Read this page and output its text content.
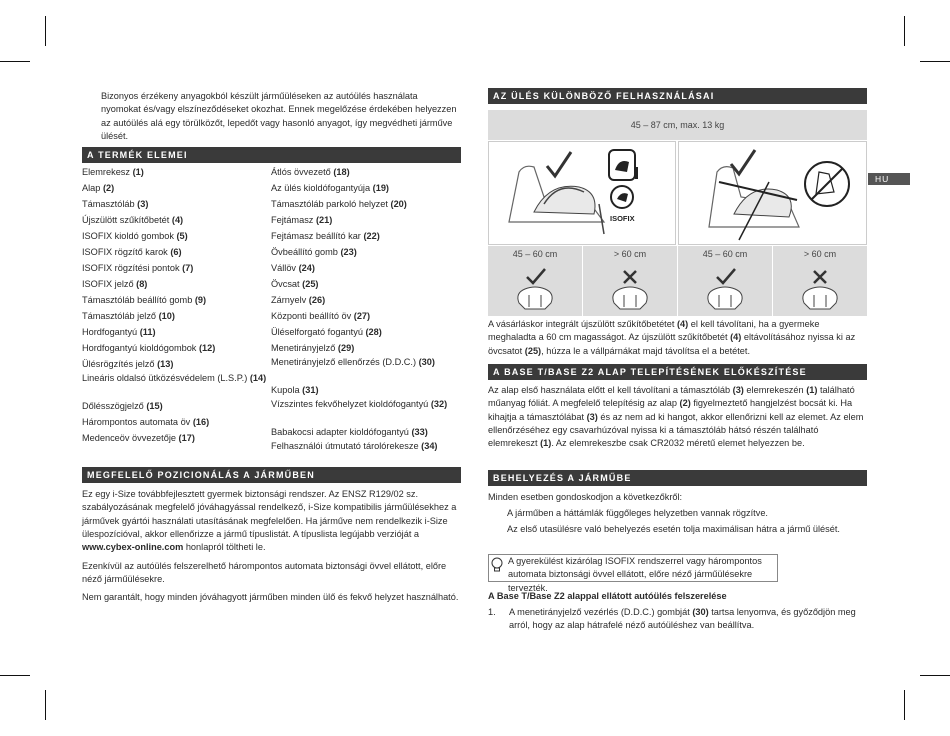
Bizonyos érzékeny anyagokból készült járműüléseken az autóülés használata nyomokat és/vagy elszíneződéseket okozhat. Ennek megelőzése érdekében helyezzen az autóülés alá egy törülközőt, lepedőt vagy hasonló anyagot, így megvédheti járműve ülését.

A TERMÉK ELEMEI
Elemrekesz (1)
Alap (2)
Támasztóláb (3)
Újszülött szűkítőbetét (4)
ISOFIX kioldó gombok (5)
ISOFIX rögzítő karok (6)
ISOFIX rögzítési pontok (7)
ISOFIX jelző (8)
Támasztóláb beállító gomb (9)
Támasztóláb jelző (10)
Hordfogantyú (11)
Hordfogantyú kioldógombok (12)
Ülésrögzítés jelző (13)
Lineáris oldalsó ütközésvédelem (L.S.P.) (14)
Dőlésszögjelző (15)
Hárompontos automata öv (16)
Medenceöv övvezetője (17)
Átlós övvezető (18)
Az ülés kioldófogantyúja (19)
Támasztóláb parkoló helyzet (20)
Fejtámasz (21)
Fejtámasz beállító kar (22)
Övbeállító gomb (23)
Vállöv (24)
Övcsat (25)
Zárnyelv (26)
Központi beállító öv (27)
Üléselforgató fogantyú (28)
Menetirányjelző (29)
Menetirányjelző ellenőrzés (D.D.C.) (30)
Kupola (31)
Vízszintes fekvőhelyzet kioldófogantyú (32)
Babakocsi adapter kioldófogantyú (33)
Felhasználói útmutató tárolórekesze (34)
MEGFELELŐ POZICIONÁLÁS A JÁRMŰBEN

Ez egy i-Size továbbfejlesztett gyermek biztonsági rendszer. Az ENSZ R129/02 sz. szabályozásának megfelelő jóváhagyással rendelkező, i-Size kompatibilis járműülésekhez a járművek gyártói használati utasításának megfelelően. Ha járműve nem rendelkezik i-Size ülespozícióval, akkor ellenőrizze a jármű típuslistát. A típuslista legújabb verzióját a www.cybex-online.com honlapról töltheti le.

Ezenkívül az autóülés felszerelhető hárompontos automata biztonsági övvel ellátott, előre néző járműülésekre.

Nem garantált, hogy minden jóváhagyott járműben minden ülő és fekvő helyzet használható.

AZ ÜLÉS KÜLÖNBÖZŐ FELHASZNÁLÁSAI
45 – 87 cm, max. 13 kg
ISOFIX
45 – 60 cm	> 60 cm	45 – 60 cm	> 60 cm

A vásárláskor integrált újszülött szűkítőbetétet (4) el kell távolítani, ha a gyermeke meghaladta a 60 cm magasságot. Az újszülött szűkítőbetét (4) eltávolításához nyissa ki az övcsatot (25), húzza le a vállpárnákat majd távolítsa el a betétet.

A BASE T/BASE Z2 ALAP TELEPÍTÉSÉNEK ELŐKÉSZÍTÉSE

Az alap első használata előtt el kell távolítani a támasztóláb (3) elemrekeszén (1) található műanyag fóliát. A megfelelő telepítésig az alap (2) figyelmeztető hangjelzést bocsát ki. Ha kihajtja a támasztólábat (3) és az nem ad ki hangot, akkor ellenőrizni kell az elemet. Az elem ellenőrzéséhez egy csavarhúzóval nyissa ki a támasztóláb hátsó részén található elemrekeszt (1). Az elemrekeszbe csak CR2032 méretű elemet helyezzen be.

BEHELYEZÉS A JÁRMŰBE
Minden esetben gondoskodjon a következőkről:
A járműben a háttámlák függőleges helyzetben vannak rögzítve.
Az első utasülésre való behelyezés esetén tolja maximálisan hátra a jármű ülését.
A gyerekülést kizárólag ISOFIX rendszerrel vagy hárompontos automata biztonsági övvel ellátott, előre néző járműülésekre tervezték.
A Base T/Base Z2 alappal ellátott autóülés felszerelése
1.	A menetirányjelző vezérlés (D.D.C.) gombját (30) tartsa lenyomva, és győződjön meg arról, hogy az alap hátrafelé néző autóüléshez van beállítva.
HU
